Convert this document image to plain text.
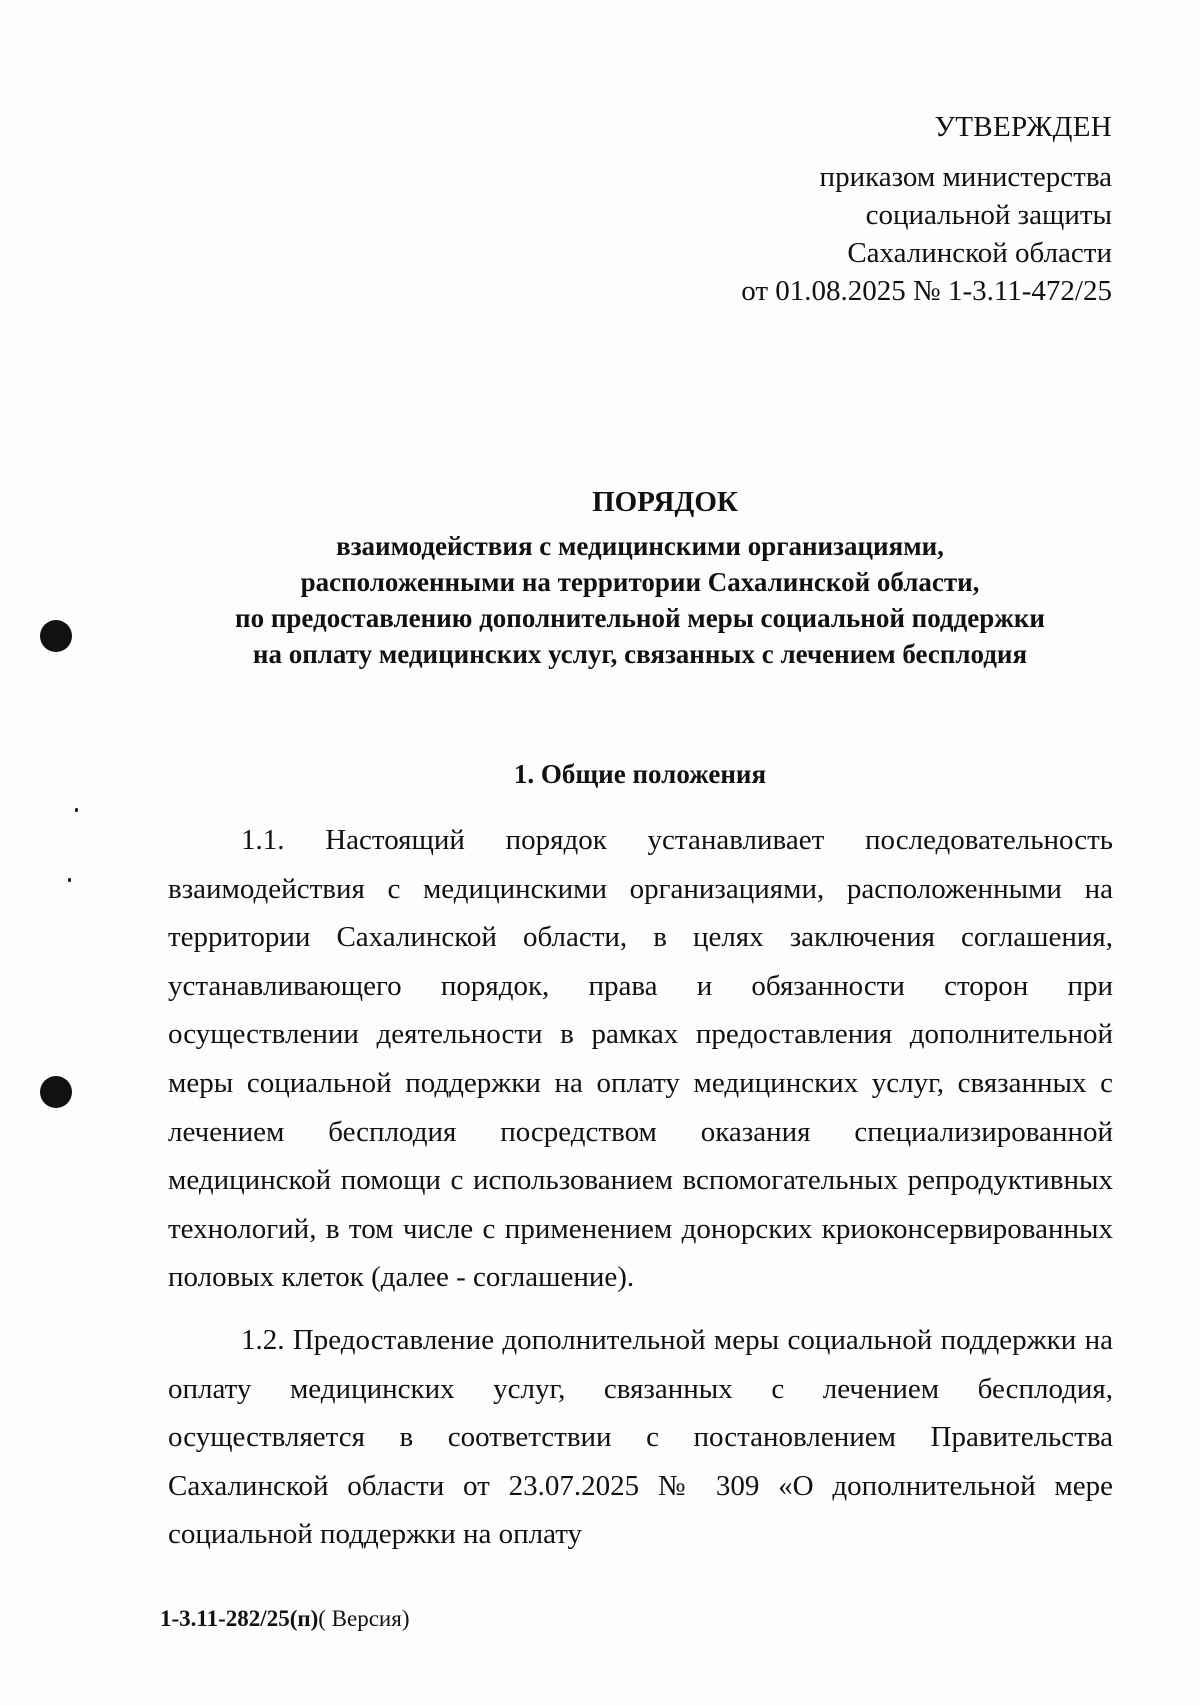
УТВЕРЖДЕН
приказом министерства
социальной защиты
Сахалинской области
от 01.08.2025 № 1-3.11-472/25
ПОРЯДОК
взаимодействия с медицинскими организациями,
расположенными на территории Сахалинской области,
по предоставлению дополнительной меры социальной поддержки
на оплату медицинских услуг, связанных с лечением бесплодия
1. Общие положения

1.1. Настоящий порядок устанавливает последовательность взаимодействия с медицинскими организациями, расположенными на территории Сахалинской области, в целях заключения соглашения, устанавливающего порядок, права и обязанности сторон при осуществлении деятельности в рамках предоставления дополнительной меры социальной поддержки на оплату медицинских услуг, связанных с лечением бесплодия посредством оказания специализированной медицинской помощи с использованием вспомогательных репродуктивных технологий, в том числе с применением донорских криоконсервированных половых клеток (далее - соглашение).

1.2. Предоставление дополнительной меры социальной поддержки на оплату медицинских услуг, связанных с лечением бесплодия, осуществляется в соответствии с постановлением Правительства Сахалинской области от 23.07.2025 № 309 «О дополнительной мере социальной поддержки на оплату

1-3.11-282/25(п)( Версия)
